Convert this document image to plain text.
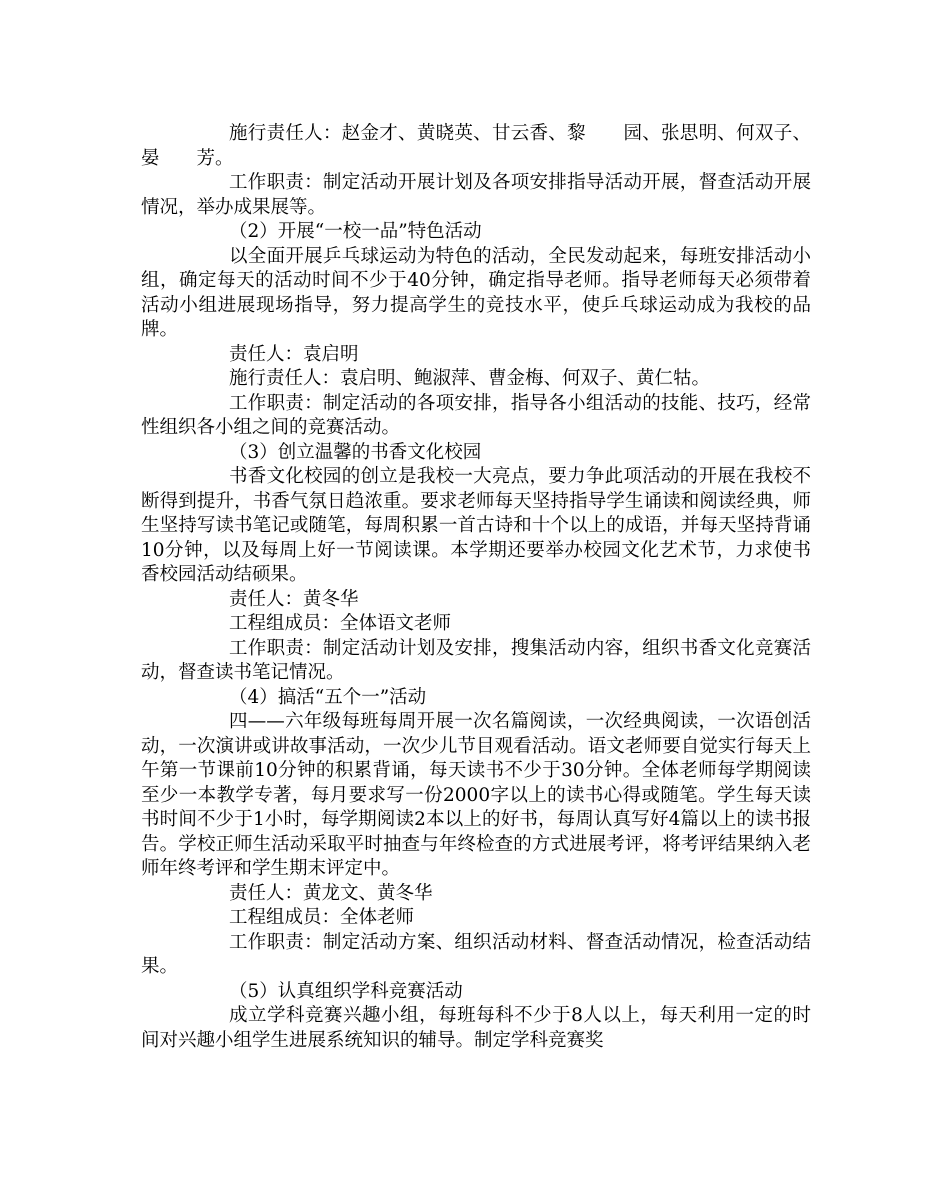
施行责任人：赵金才、黄晓英、甘云香、黎　　园、张思明、何双子、晏　　芳。

工作职责：制定活动开展计划及各项安排指导活动开展，督查活动开展情况，举办成果展等。

（2）开展“一校一品”特色活动

以全面开展乒乓球运动为特色的活动，全民发动起来，每班安排活动小组，确定每天的活动时间不少于40分钟，确定指导老师。指导老师每天必须带着活动小组进展现场指导，努力提高学生的竞技水平，使乒乓球运动成为我校的品牌。

责任人：袁启明

施行责任人：袁启明、鲍淑萍、曹金梅、何双子、黄仁牯。

工作职责：制定活动的各项安排，指导各小组活动的技能、技巧，经常性组织各小组之间的竞赛活动。

（3）创立温馨的书香文化校园

书香文化校园的创立是我校一大亮点，要力争此项活动的开展在我校不断得到提升，书香气氛日趋浓重。要求老师每天坚持指导学生诵读和阅读经典，师生坚持写读书笔记或随笔，每周积累一首古诗和十个以上的成语，并每天坚持背诵10分钟，以及每周上好一节阅读课。本学期还要举办校园文化艺术节，力求使书香校园活动结硕果。

责任人：黄冬华

工程组成员：全体语文老师

工作职责：制定活动计划及安排，搜集活动内容，组织书香文化竞赛活动，督查读书笔记情况。

（4）搞活“五个一”活动

四——六年级每班每周开展一次名篇阅读，一次经典阅读，一次语创活动，一次演讲或讲故事活动，一次少儿节目观看活动。语文老师要自觉实行每天上午第一节课前10分钟的积累背诵，每天读书不少于30分钟。全体老师每学期阅读至少一本教学专著，每月要求写一份2000字以上的读书心得或随笔。学生每天读书时间不少于1小时，每学期阅读2本以上的好书，每周认真写好4篇以上的读书报告。学校正师生活动采取平时抽查与年终检查的方式进展考评，将考评结果纳入老师年终考评和学生期末评定中。

责任人：黄龙文、黄冬华

工程组成员：全体老师

工作职责：制定活动方案、组织活动材料、督查活动情况，检查活动结果。

（5）认真组织学科竞赛活动

成立学科竞赛兴趣小组，每班每科不少于8人以上，每天利用一定的时间对兴趣小组学生进展系统知识的辅导。制定学科竞赛奖
